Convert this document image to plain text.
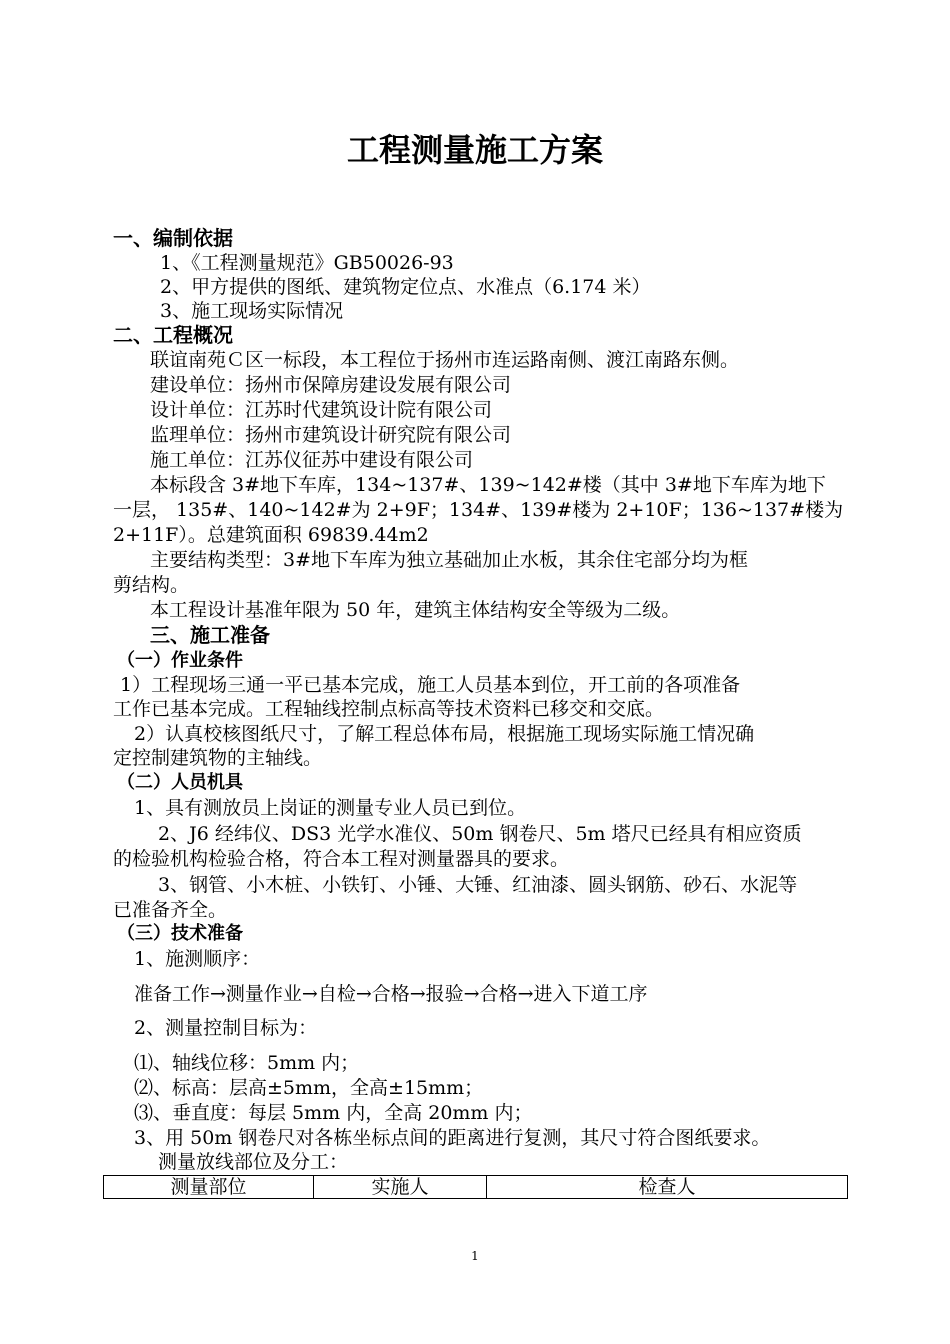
工程测量施工方案
一、编制依据
1、《工程测量规范》GB50026-93
2、甲方提供的图纸、建筑物定位点、水准点（6.174 米）
3、施工现场实际情况
二、工程概况
联谊南苑Ｃ区一标段，本工程位于扬州市连运路南侧、渡江南路东侧。
建设单位：扬州市保障房建设发展有限公司
设计单位：江苏时代建筑设计院有限公司
监理单位：扬州市建筑设计研究院有限公司
施工单位：江苏仪征苏中建设有限公司
本标段含 3#地下车库，134~137#、139~142#楼（其中 3#地下车库为地下
一层， 135#、140~142#为 2+9F；134#、139#楼为 2+10F；136~137#楼为
2+11F）。总建筑面积 69839.44m2
主要结构类型：3#地下车库为独立基础加止水板，其余住宅部分均为框
剪结构。
本工程设计基准年限为 50 年，建筑主体结构安全等级为二级。
三、施工准备
（一）作业条件
1）工程现场三通一平已基本完成，施工人员基本到位，开工前的各项准备
工作已基本完成。工程轴线控制点标高等技术资料已移交和交底。
2）认真校核图纸尺寸，了解工程总体布局，根据施工现场实际施工情况确
定控制建筑物的主轴线。
（二）人员机具
1、具有测放员上岗证的测量专业人员已到位。
2、J6 经纬仪、DS3 光学水准仪、50m 钢卷尺、5m 塔尺已经具有相应资质
的检验机构检验合格，符合本工程对测量器具的要求。
3、钢管、小木桩、小铁钉、小锤、大锤、红油漆、圆头钢筋、砂石、水泥等
已准备齐全。
（三）技术准备
1、施测顺序：
准备工作→测量作业→自检→合格→报验→合格→进入下道工序
2、测量控制目标为：
⑴、轴线位移：5mm 内；
⑵、标高：层高±5mm，全高±15mm；
⑶、垂直度：每层 5mm 内，全高 20mm 内；
3、用 50m 钢卷尺对各栋坐标点间的距离进行复测，其尺寸符合图纸要求。
测量放线部位及分工：
测量部位	实施人	检查人
1
